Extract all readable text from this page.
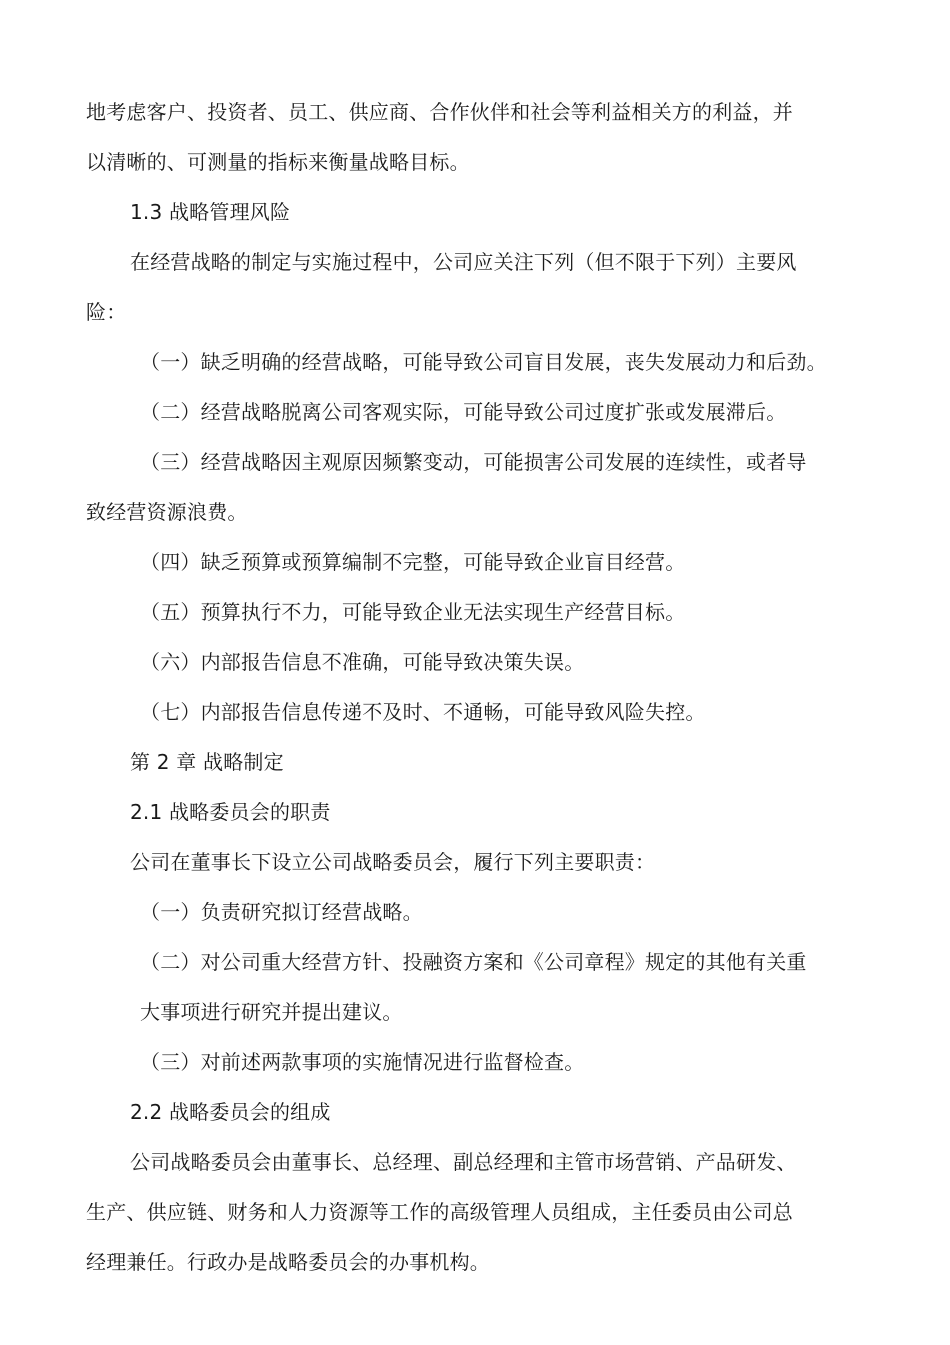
地考虑客户、投资者、员工、供应商、合作伙伴和社会等利益相关方的利益，并
以清晰的、可测量的指标来衡量战略目标。
1.3 战略管理风险
在经营战略的制定与实施过程中，公司应关注下列（但不限于下列）主要风
险：
（一）缺乏明确的经营战略，可能导致公司盲目发展，丧失发展动力和后劲。
（二）经营战略脱离公司客观实际，可能导致公司过度扩张或发展滞后。
（三）经营战略因主观原因频繁变动，可能损害公司发展的连续性，或者导
致经营资源浪费。
（四）缺乏预算或预算编制不完整，可能导致企业盲目经营。
（五）预算执行不力，可能导致企业无法实现生产经营目标。
（六）内部报告信息不准确，可能导致决策失误。
（七）内部报告信息传递不及时、不通畅，可能导致风险失控。
第 2 章 战略制定
2.1 战略委员会的职责
公司在董事长下设立公司战略委员会，履行下列主要职责：
（一）负责研究拟订经营战略。
（二）对公司重大经营方针、投融资方案和《公司章程》规定的其他有关重
大事项进行研究并提出建议。
（三）对前述两款事项的实施情况进行监督检查。
2.2 战略委员会的组成
公司战略委员会由董事长、总经理、副总经理和主管市场营销、产品研发、
生产、供应链、财务和人力资源等工作的高级管理人员组成，主任委员由公司总
经理兼任。行政办是战略委员会的办事机构。
